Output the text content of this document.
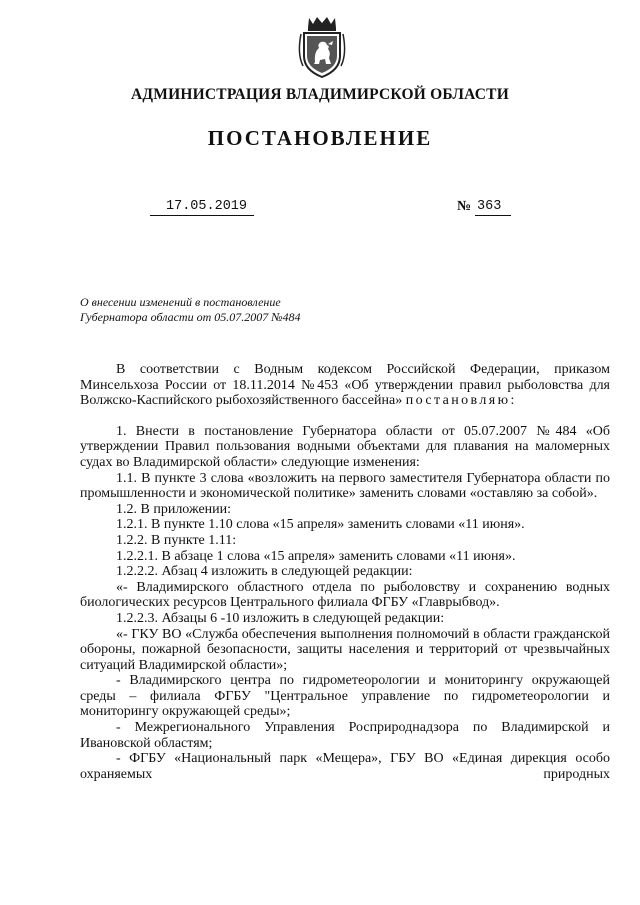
АДМИНИСТРАЦИЯ ВЛАДИМИРСКОЙ ОБЛАСТИ
ПОСТАНОВЛЕНИЕ
17.05.2019	№ 363
О внесении изменений в постановление
Губернатора области от 05.07.2007 №484

В соответствии с Водным кодексом Российской Федерации, приказом Минсельхоза России от 18.11.2014 №453 «Об утверждении правил рыболовства для Волжско-Каспийского рыбохозяйственного бассейна» постановляю:

1. Внести в постановление Губернатора области от 05.07.2007 №484 «Об утверждении Правил пользования водными объектами для плавания на маломерных судах во Владимирской области» следующие изменения:

1.1. В пункте 3 слова «возложить на первого заместителя Губернатора области по промышленности и экономической политике» заменить словами «оставляю за собой».

1.2. В приложении:

1.2.1. В пункте 1.10 слова «15 апреля» заменить словами «11 июня».

1.2.2. В пункте 1.11:

1.2.2.1. В абзаце 1 слова «15 апреля» заменить словами «11 июня».

1.2.2.2. Абзац 4 изложить в следующей редакции:

«- Владимирского областного отдела по рыболовству и сохранению водных биологических ресурсов Центрального филиала ФГБУ «Главрыбвод».

1.2.2.3. Абзацы 6 -10 изложить в следующей редакции:

«- ГКУ ВО «Служба обеспечения выполнения полномочий в области гражданской обороны, пожарной безопасности, защиты населения и территорий от чрезвычайных ситуаций Владимирской области»;

- Владимирского центра по гидрометеорологии и мониторингу окружающей среды – филиала ФГБУ "Центральное управление по гидрометеорологии и мониторингу окружающей среды»;

- Межрегионального Управления Росприроднадзора по Владимирской и Ивановской областям;

- ФГБУ «Национальный парк «Мещера», ГБУ ВО «Единая дирекция особо охраняемых природных
